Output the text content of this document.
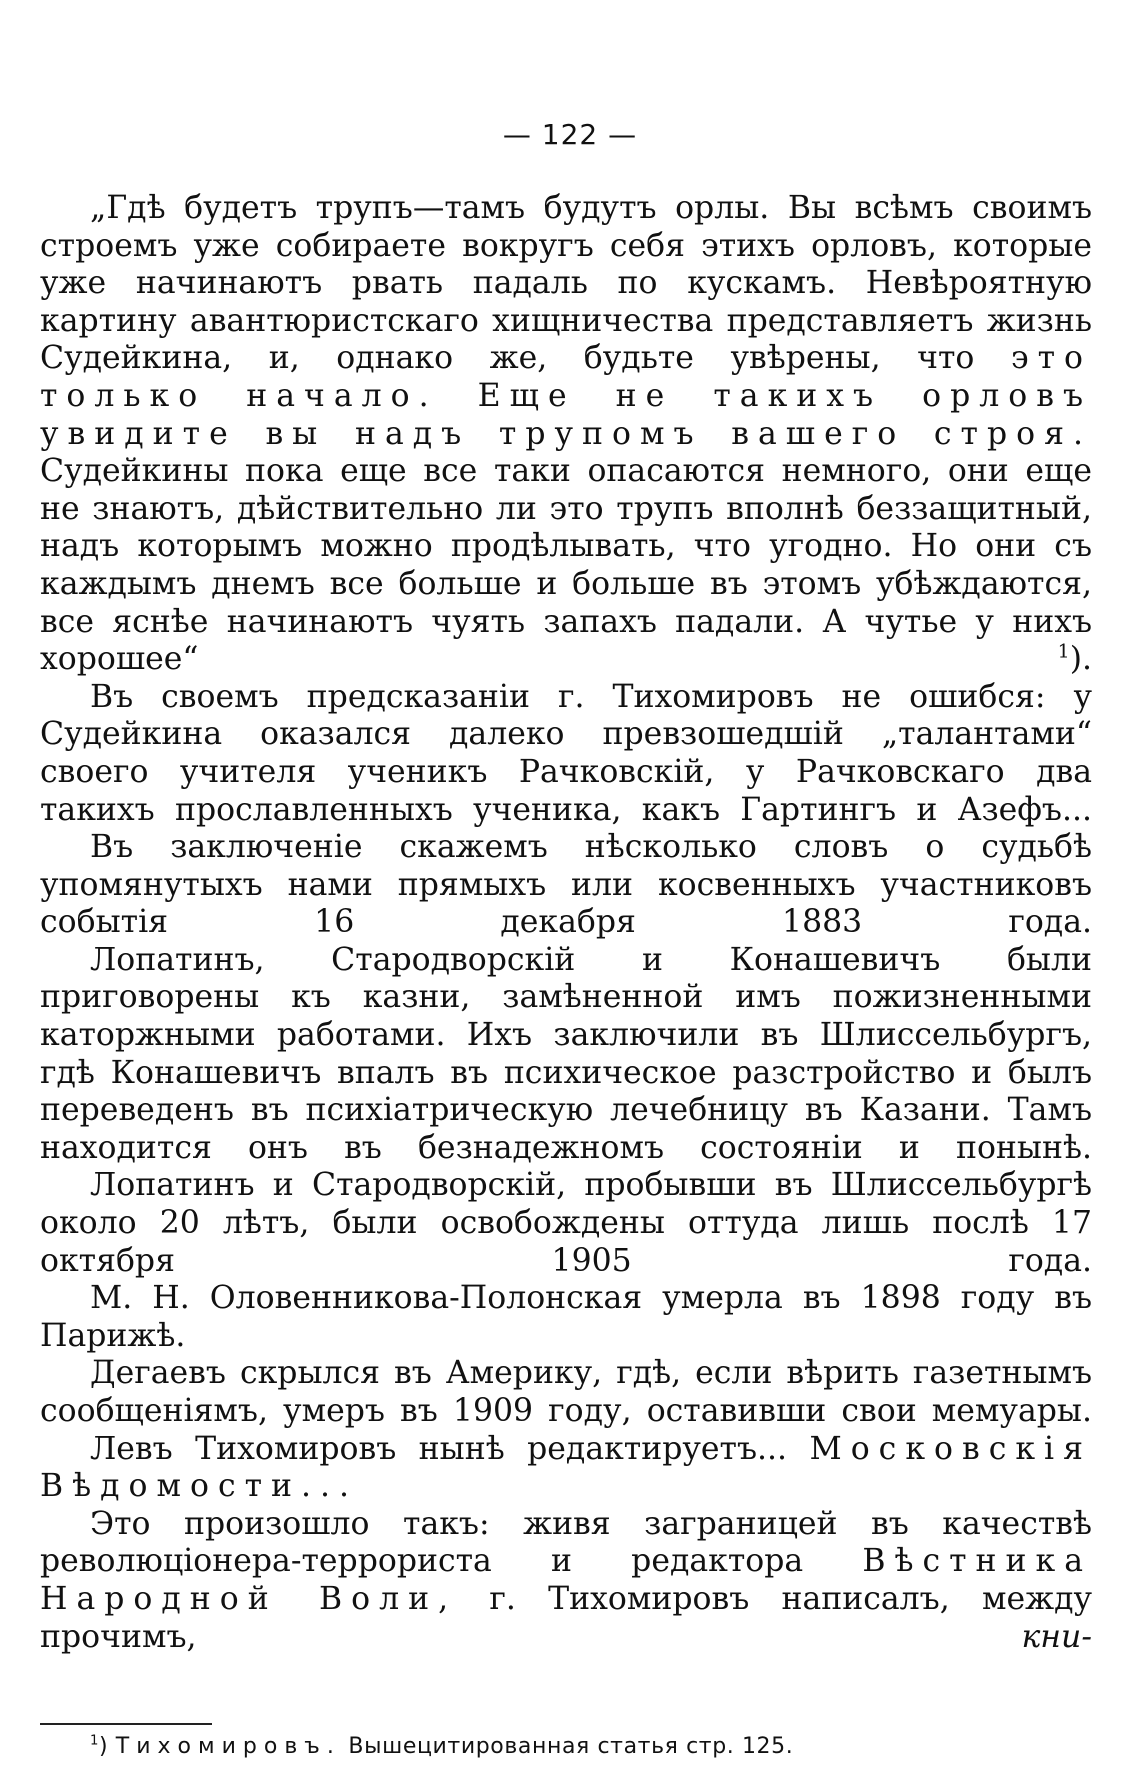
— 122 —

„Гдѣ будетъ трупъ—тамъ будутъ орлы. Вы всѣмъ своимъ строемъ уже собираете вокругъ себя этихъ орловъ, которые уже начинаютъ рвать падаль по кускамъ. Невѣроятную картину авантюристскаго хищничества представляетъ жизнь Судейкина, и, однако же, будьте увѣрены, что это только начало. Еще не такихъ орловъ увидите вы надъ трупомъ вашего строя. Судейкины пока еще все таки опасаются немного, они еще не знаютъ, дѣйствительно ли это трупъ вполнѣ беззащитный, надъ которымъ можно продѣлывать, что угодно. Но они съ каждымъ днемъ все больше и больше въ этомъ убѣждаются, все яснѣе начинаютъ чуять запахъ падали. А чутье у нихъ хорошее“ $^1$).

Въ своемъ предсказаніи г. Тихомировъ не ошибся: у Судейкина оказался далеко превзошедшій „талантами“ своего учителя ученикъ Рачковскій, у Рачковскаго два такихъ прославленныхъ ученика, какъ Гартингъ и Азефъ...

Въ заключеніе скажемъ нѣсколько словъ о судьбѣ упомянутыхъ нами прямыхъ или косвенныхъ участниковъ событія 16 декабря 1883 года.

Лопатинъ, Стародворскій и Конашевичъ были приговорены къ казни, замѣненной имъ пожизненными каторжными работами. Ихъ заключили въ Шлиссельбургъ, гдѣ Конашевичъ впалъ въ психическое разстройство и былъ переведенъ въ психіатрическую лечебницу въ Казани. Тамъ находится онъ въ безнадежномъ состояніи и понынѣ.

Лопатинъ и Стародворскій, пробывши въ Шлиссельбургѣ около 20 лѣтъ, были освобождены оттуда лишь послѣ 17 октября 1905 года.

М. Н. Оловенникова-Полонская умерла въ 1898 году въ Парижѣ.

Дегаевъ скрылся въ Америку, гдѣ, если вѣрить газетнымъ сообщеніямъ, умеръ въ 1909 году, оставивши свои мемуары.

Левъ Тихомировъ нынѣ редактируетъ... Московскія Вѣдомости...

Это произошло такъ: живя заграницей въ качествѣ революціонера-террориста и редактора Вѣстника Народной Воли, г. Тихомировъ написалъ, между прочимъ, кни-

$^1$) Тихомировъ. Вышецитированная статья стр. 125.
